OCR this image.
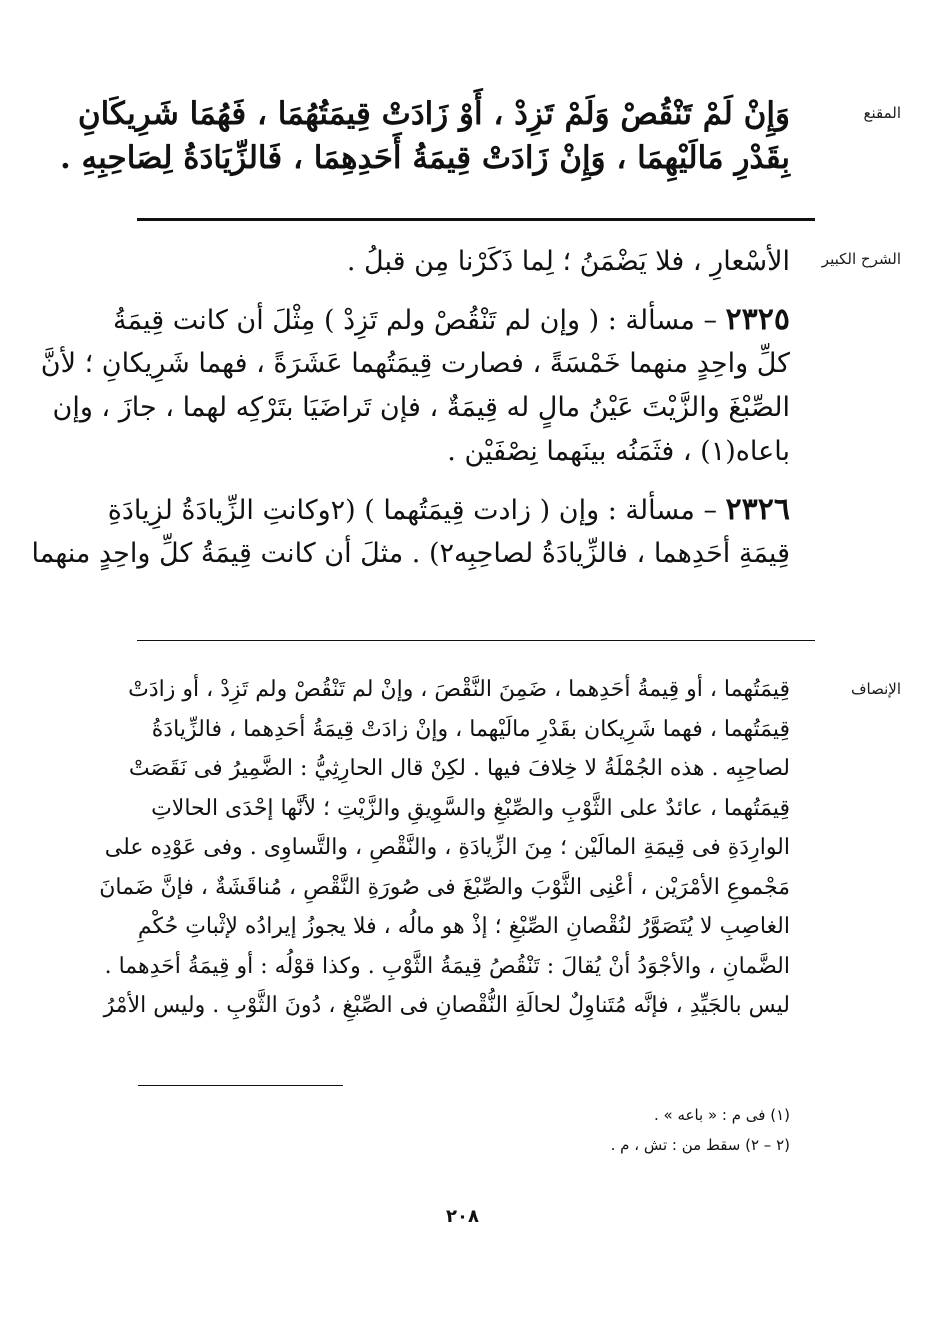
المقنع
وَإِنْ لَمْ تَنْقُصْ وَلَمْ تَزِدْ ، أَوْ زَادَتْ قِيمَتُهُمَا ، فَهُمَا شَرِيكَانِ
بِقَدْرِ مَالَيْهِمَا ، وَإِنْ زَادَتْ قِيمَةُ أَحَدِهِمَا ، فَالزِّيَادَةُ لِصَاحِبِهِ .
الشرح الكبير
الأسْعارِ ، فلا يَضْمَنُ ؛ لِما ذَكَرْنا مِن قبلُ .
٢٣٢٥ – مسألة : ( وإن لم تَنْقُصْ ولم تَزِدْ ) مِثْلَ أن كانت قِيمَةُ
كلِّ واحِدٍ منهما خَمْسَةً ، فصارت قِيمَتُهما عَشَرَةً ، فهما شَرِيكانِ ؛ لأنَّ
الصِّبْغَ والزَّيْتَ عَيْنُ مالٍ له قِيمَةٌ ، فإن تَراضَيَا بتَرْكِه لهما ، جازَ ، وإن
باعاه(١) ، فثَمَنُه بينَهما نِصْفَيْن .
٢٣٢٦ – مسألة : وإن ( زادت قِيمَتُهما ) (٢وكانتِ الزِّيادَةُ لزِيادَةِ
قِيمَةِ أحَدِهما ، فالزِّيادَةُ لصاحِبِه٢) . مثلَ أن كانت قِيمَةُ كلِّ واحِدٍ منهما
الإنصاف
قِيمَتُهما ، أو قِيمةُ أحَدِهما ، ضَمِنَ النَّقْصَ ، وإنْ لم تَنْقُصْ ولم تَزِدْ ، أو زادَتْ
قِيمَتُهما ، فهما شَرِيكان بقَدْرِ مالَيْهما ، وإنْ زادَتْ قِيمَةُ أحَدِهما ، فالزِّيادَةُ
لصاحِبِه . هذه الجُمْلَةُ لا خِلافَ فيها . لكِنْ قال الحارِثِيُّ : الضَّمِيرُ فى نَقَصَتْ
قِيمَتُهما ، عائدٌ على الثَّوْبِ والصِّبْغِ والسَّوِيقِ والزَّيْتِ ؛ لأنَّها إحْدَى الحالاتِ
الوارِدَةِ فى قِيمَةِ المالَيْن ؛ مِنَ الزِّيادَةِ ، والنَّقْصِ ، والتَّساوِى . وفى عَوْدِه على
مَجْموعِ الأمْرَيْن ، أعْنِى الثَّوْبَ والصِّبْغَ فى صُورَةِ النَّقْصِ ، مُناقَشَةٌ ، فإنَّ ضَمانَ
الغاصِبِ لا يُتَصَوَّرُ لنُقْصانِ الصِّبْغِ ؛ إذْ هو مالُه ، فلا يجوزُ إيرادُه لإثْباتِ حُكْمِ
الضَّمانِ ، والأجْوَدُ أنْ يُقالَ : تَنْقُصُ قِيمَةُ الثَّوْبِ . وكذا قوْلُه : أو قِيمَةُ أحَدِهما .
ليس بالجَيِّدِ ، فإنَّه مُتَناوِلٌ لحالَةِ النُّقْصانِ فى الصِّبْغِ ، دُونَ الثَّوْبِ . وليس الأمْرُ
(١) فى م : « باعه » .
(٢ – ٢) سقط من : تش ، م .
٢٠٨
